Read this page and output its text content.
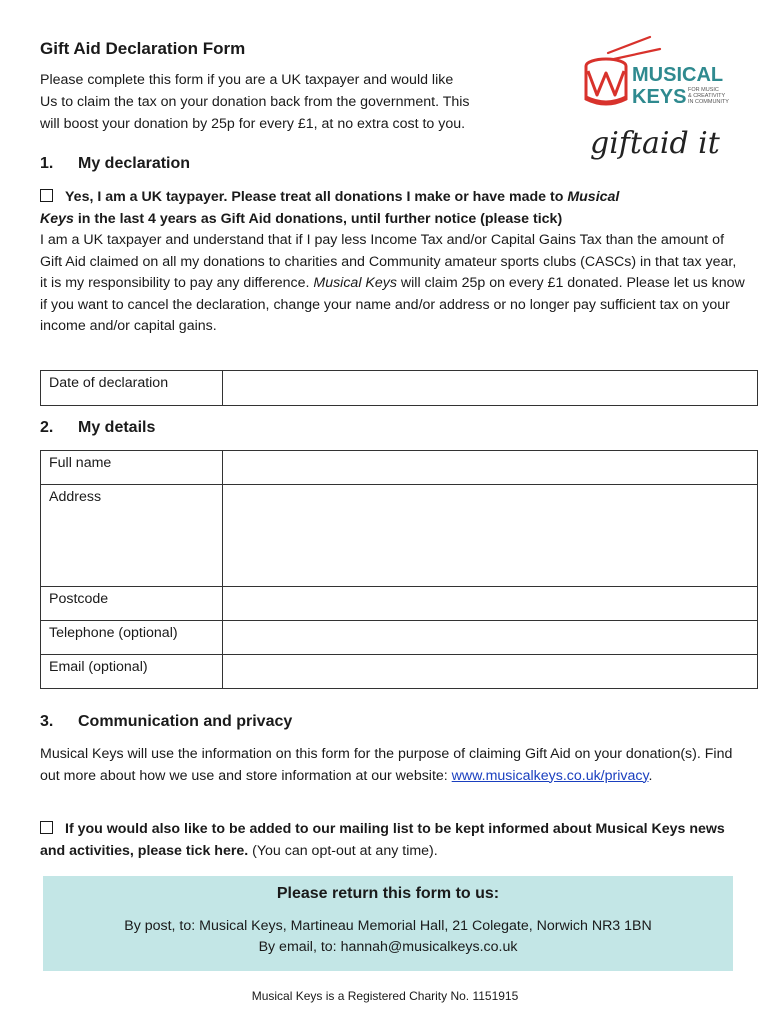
Gift Aid Declaration Form
Please complete this form if you are a UK taxpayer and would like
Us to claim the tax on your donation back from the government. This
will boost your donation by 25p for every £1, at no extra cost to you.
MUSICAL
KEYS FOR MUSIC
& CREATIVITY
IN COMMUNITY
giftaid it
1. My declaration
Yes, I am a UK taypayer. Please treat all donations I make or have made to Musical
Keys in the last 4 years as Gift Aid donations, until further notice (please tick)
I am a UK taxpayer and understand that if I pay less Income Tax and/or Capital Gains Tax than the amount of Gift Aid claimed on all my donations to charities and Community amateur sports clubs (CASCs) in that tax year, it is my responsibility to pay any difference. Musical Keys will claim 25p on every £1 donated. Please let us know if you want to cancel the declaration, change your name and/or address or no longer pay sufficient tax on your income and/or capital gains.
Date of declaration	
2. My details
Full name	
Address	
Postcode	
Telephone (optional)	
Email (optional)	
3. Communication and privacy
Musical Keys will use the information on this form for the purpose of claiming Gift Aid on your donation(s). Find out more about how we use and store information at our website: www.musicalkeys.co.uk/privacy.
If you would also like to be added to our mailing list to be kept informed about Musical Keys news and activities, please tick here. (You can opt-out at any time).
Please return this form to us:
By post, to: Musical Keys, Martineau Memorial Hall, 21 Colegate, Norwich NR3 1BN
By email, to: hannah@musicalkeys.co.uk
Musical Keys is a Registered Charity No. 1151915
